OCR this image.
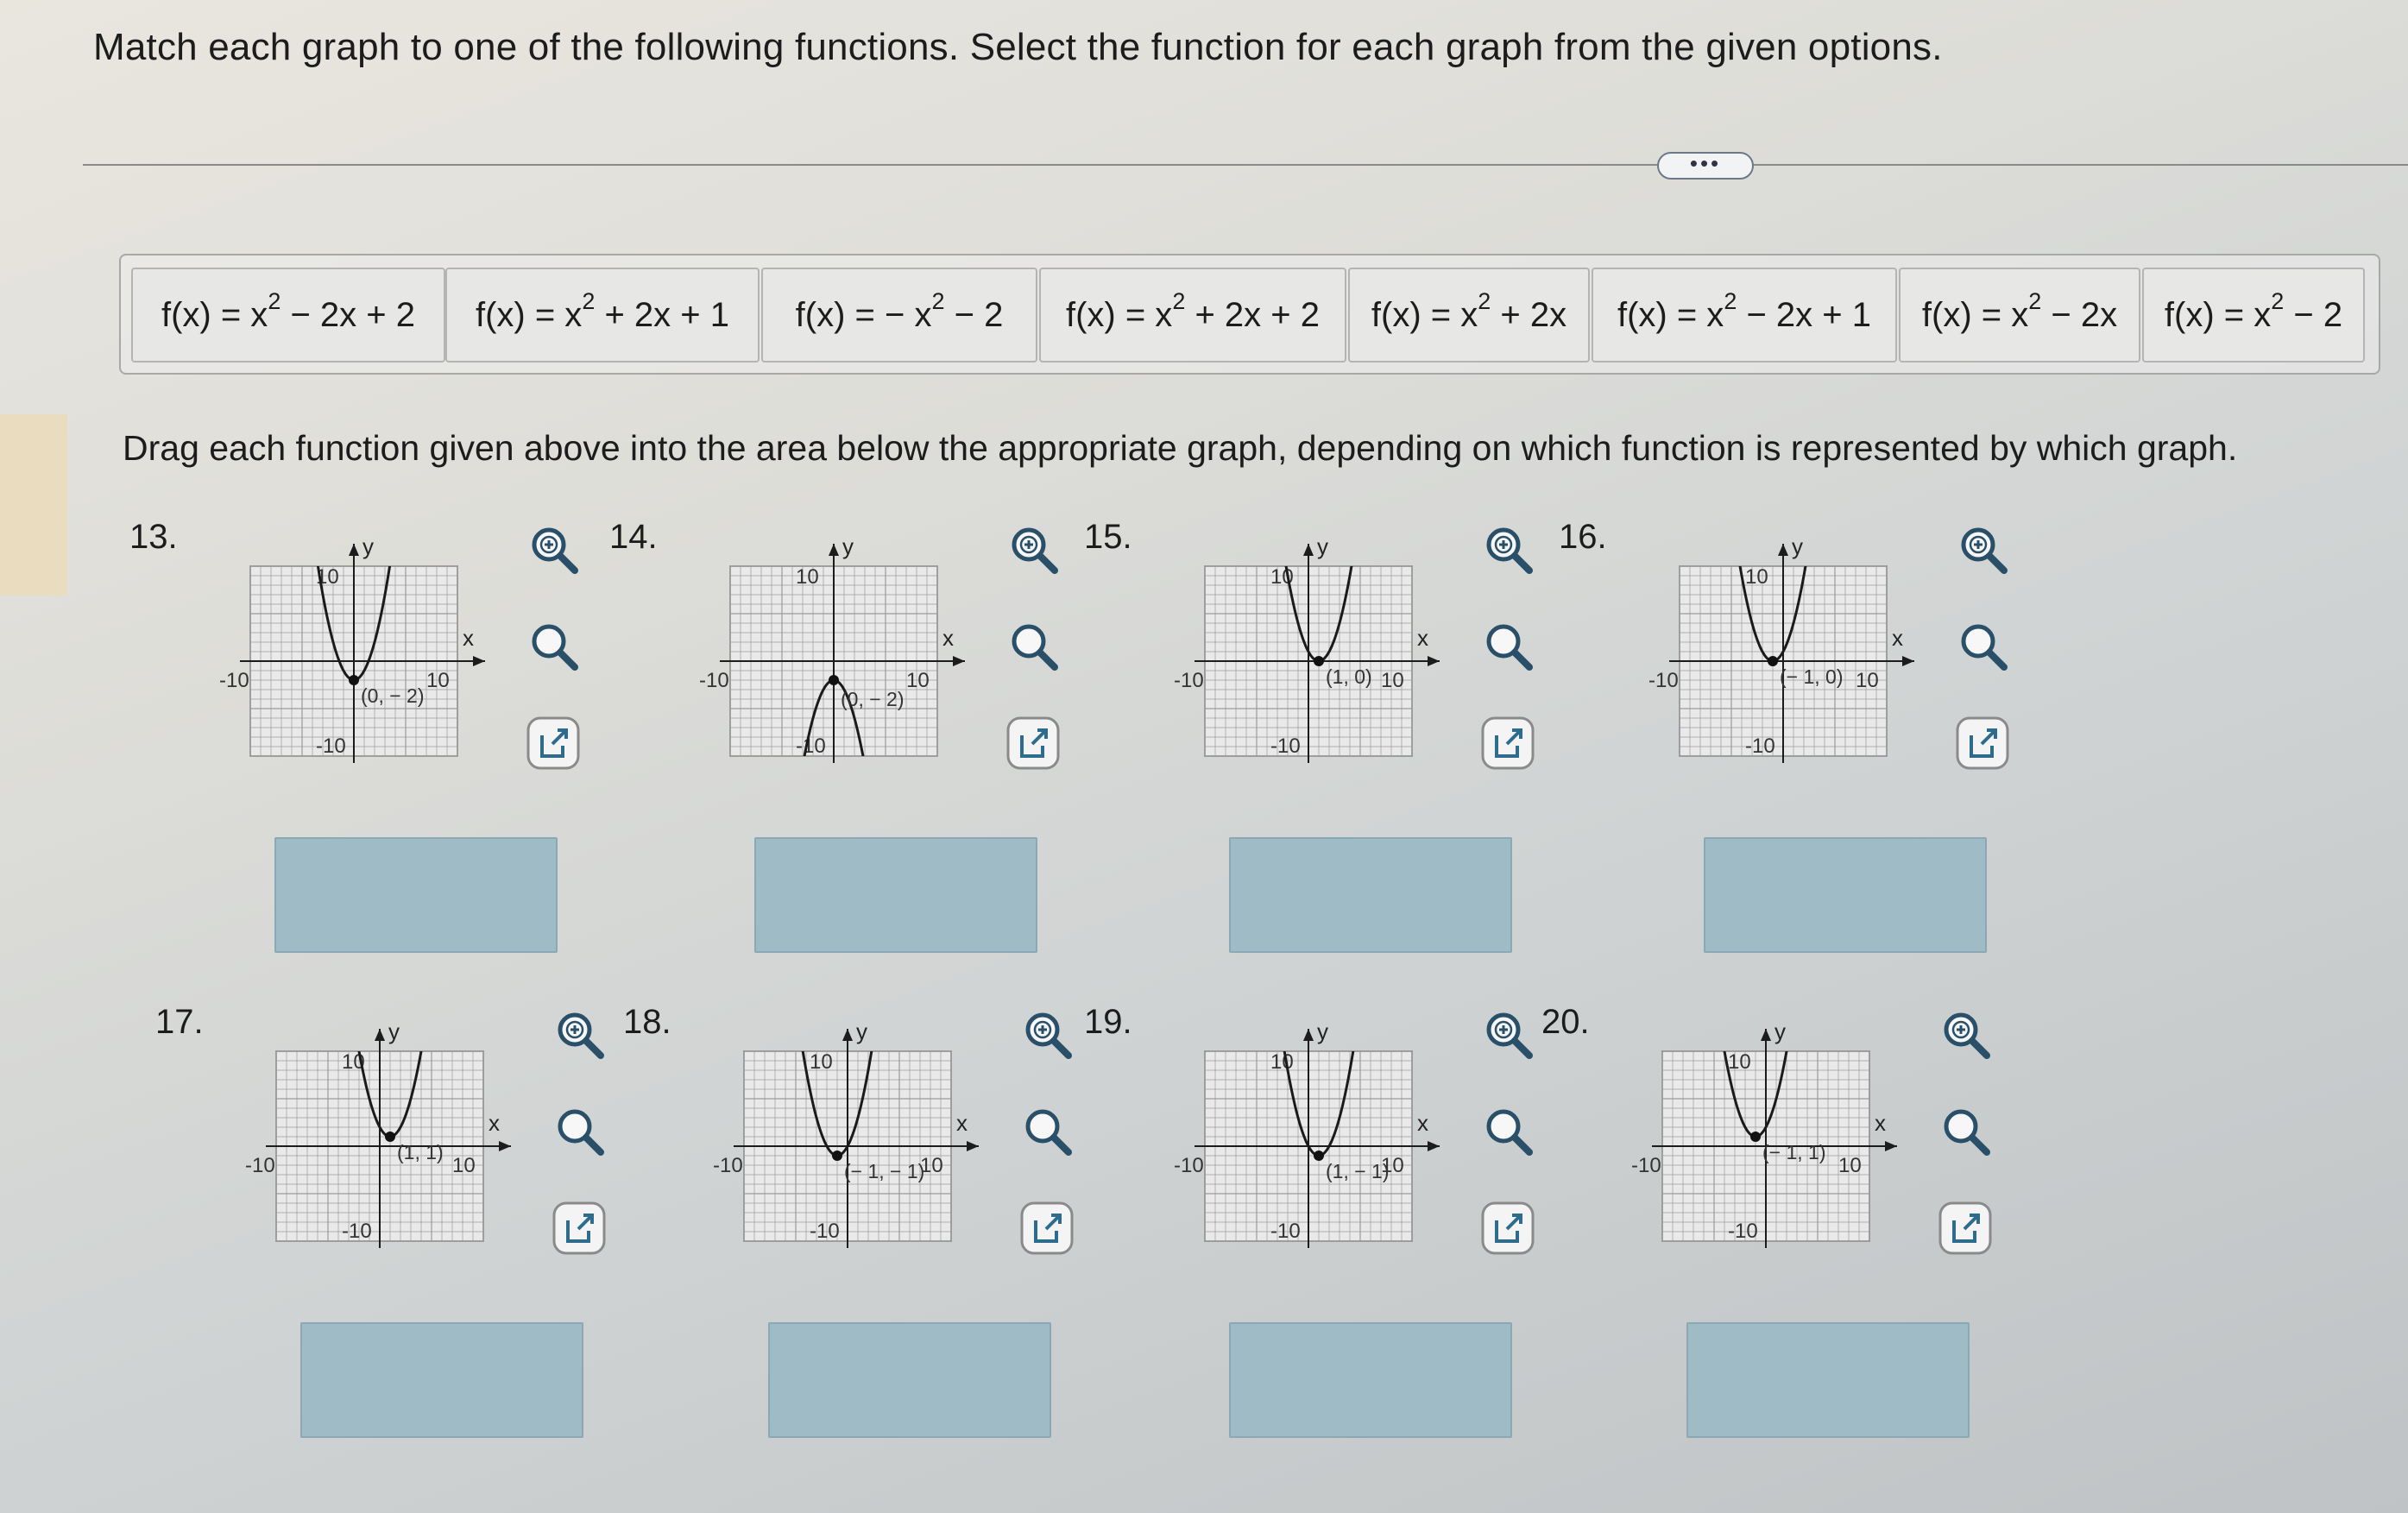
Match each graph to one of the following functions. Select the function for each graph from the given options.
•••
$f(x) = x^2 - 2x + 2$	$f(x) = x^2 + 2x + 1$	f(x) = − $x^2 - 2$	$f(x) = x^2 + 2x + 2$	$f(x) = x^2 + 2x$	$f(x) = x^2 - 2x + 1$	$f(x) = x^2 - 2x$	$f(x) = x^2 - 2$
Drag each function given above into the area below the appropriate graph, depending on which function is represented by which graph.
13.	y
x
-10	10
10
-10
(0, − 2)
14.	y
x
-10	10
10
-10
(0, − 2)
15.	y
x
-10	10
10
-10
(1, 0)
16.	y
x
-10	10
10
-10
(− 1, 0)
17.	y
x
-10	10
10
-10
(1, 1)
18.	y
x
-10	10
10
-10
(− 1, − 1)
19.	y
x
-10	10
10
-10
(1, − 1)
20.	y
x
-10	10
10
-10
(− 1, 1)
